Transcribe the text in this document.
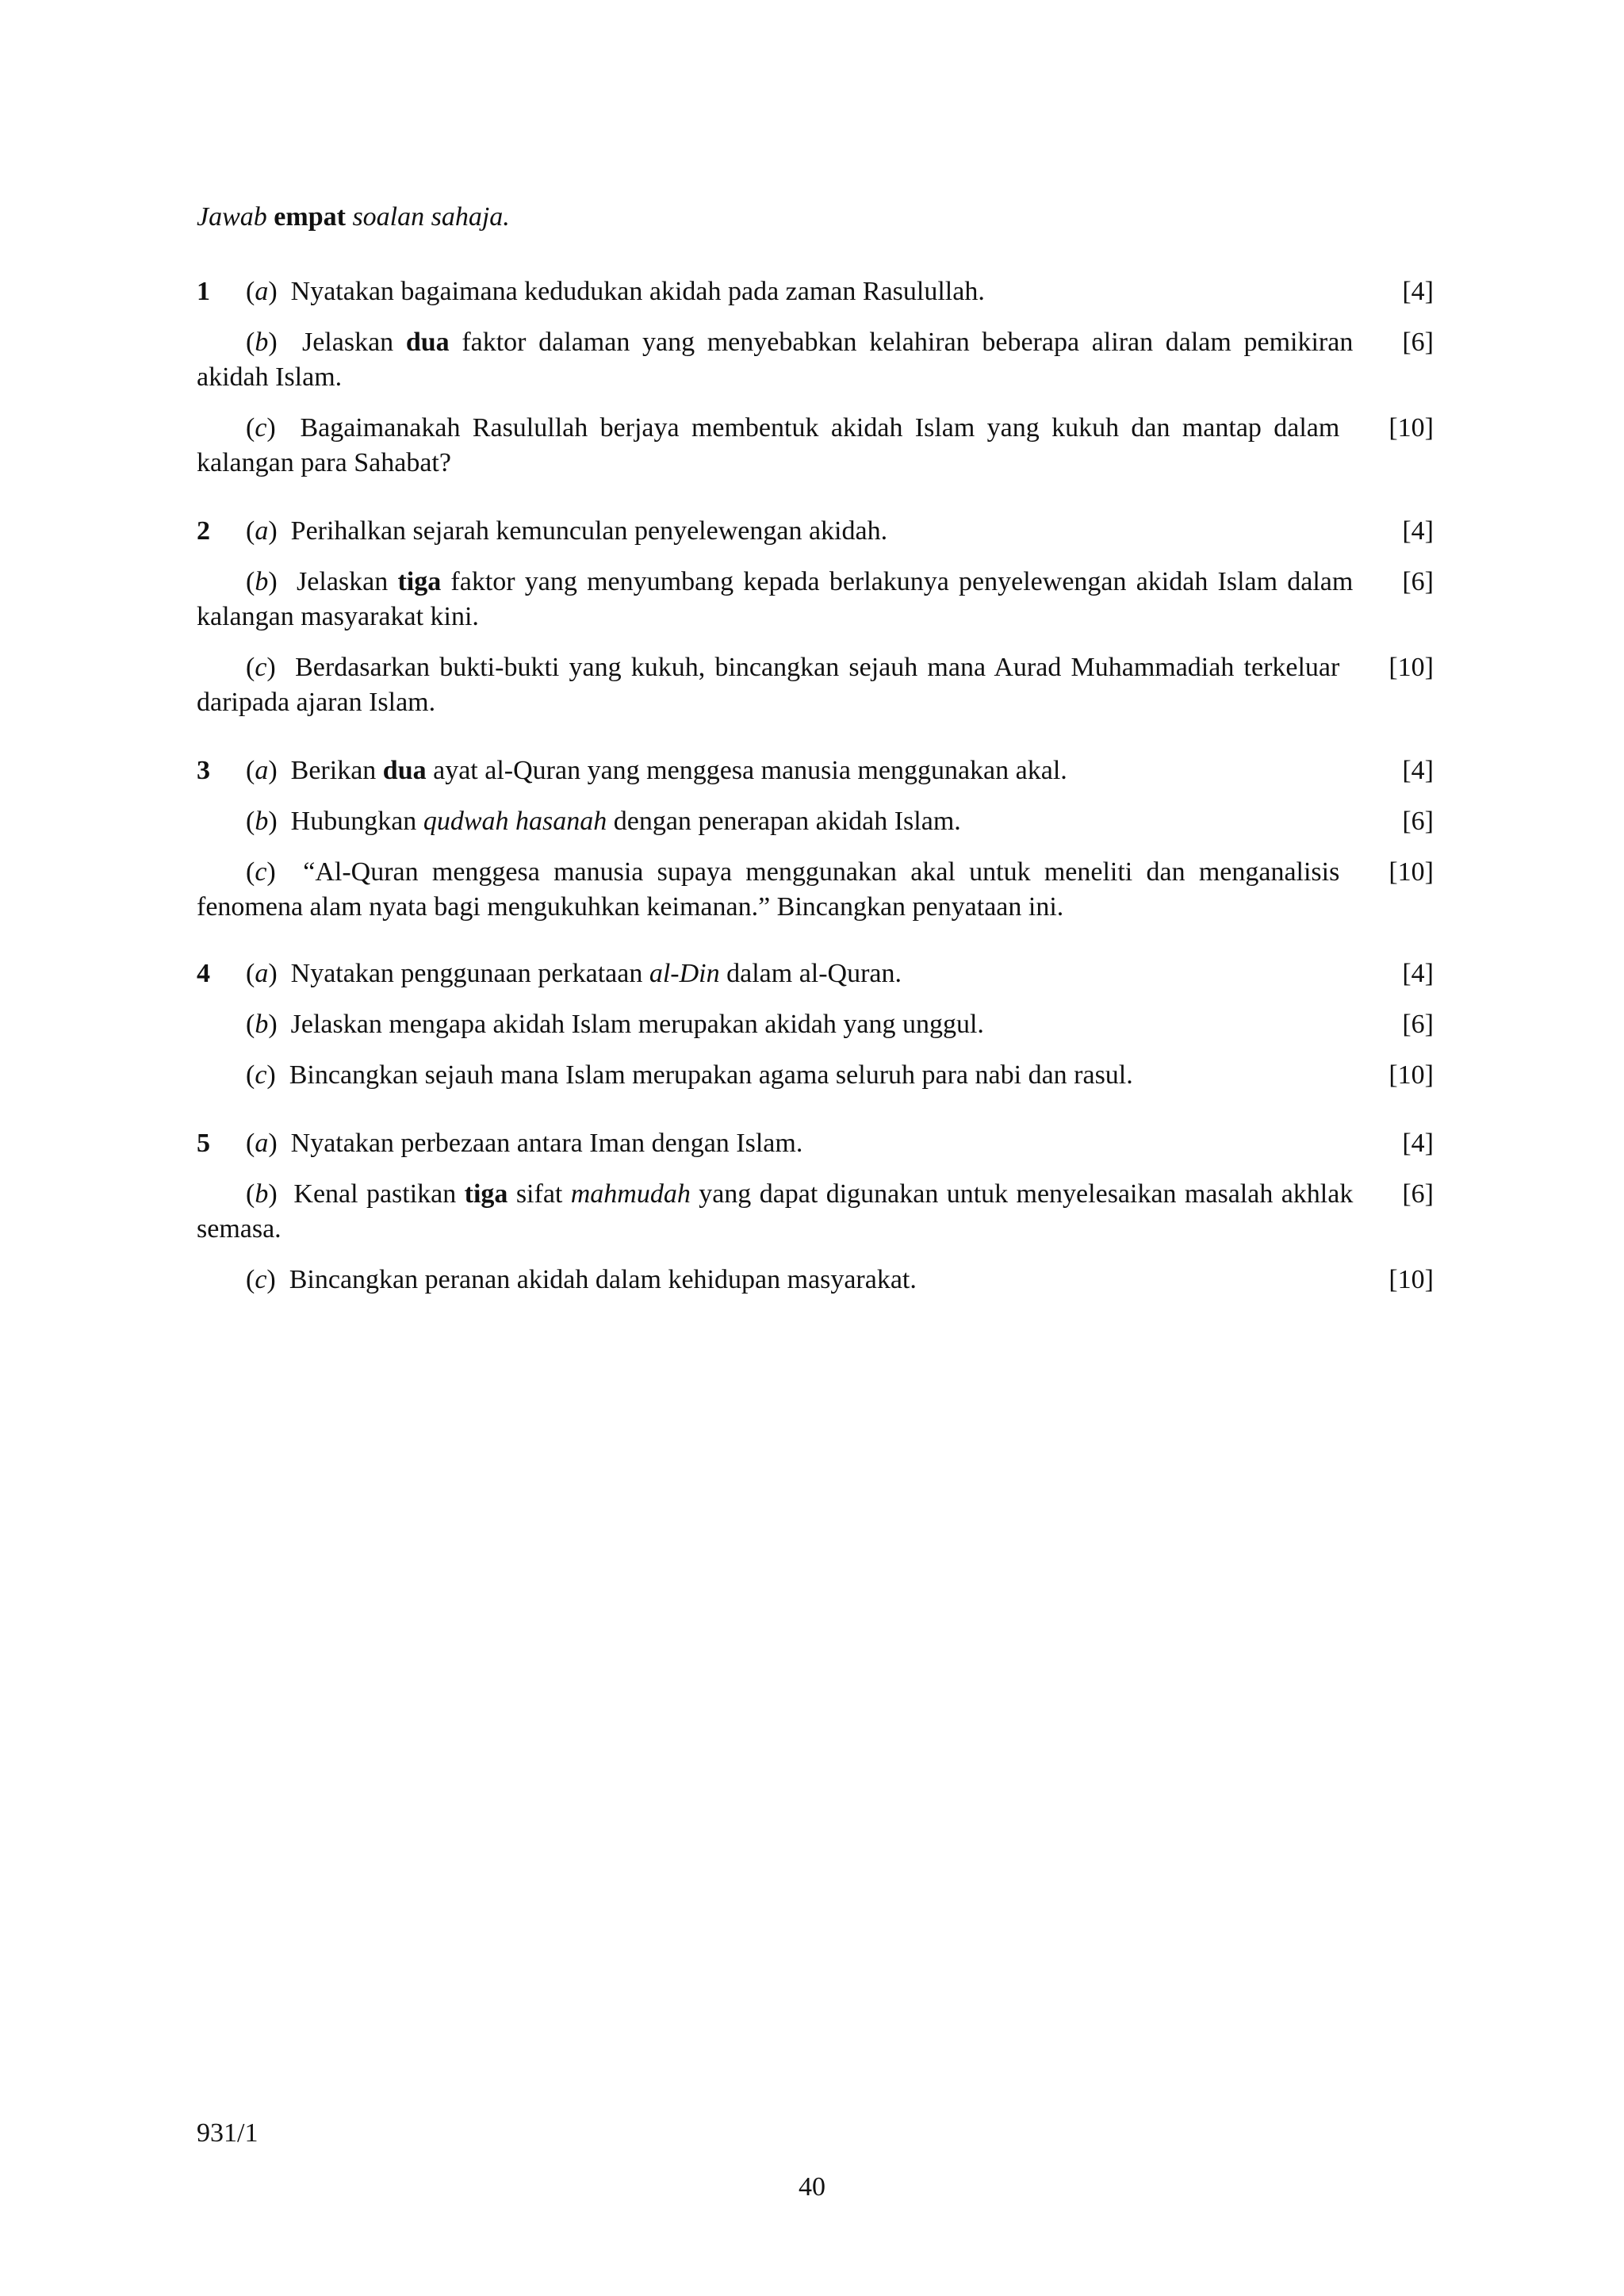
Jawab empat soalan sahaja.

1	[4]
(a)  Nyatakan bagaimana kedudukan akidah pada zaman Rasulullah.

[6]
(b)  Jelaskan dua faktor dalaman yang menyebabkan kelahiran beberapa aliran dalam pemikiran akidah Islam.

[10]
(c)  Bagaimanakah Rasulullah berjaya membentuk akidah Islam yang kukuh dan mantap dalam kalangan para Sahabat?

2	[4]
(a)  Perihalkan sejarah kemunculan penyelewengan akidah.

[6]
(b)  Jelaskan tiga faktor yang menyumbang kepada berlakunya penyelewengan akidah Islam dalam kalangan masyarakat kini.

[10]
(c)  Berdasarkan bukti-bukti yang kukuh, bincangkan sejauh mana Aurad Muhammadiah terkeluar daripada ajaran Islam.

3	[4]
(a)  Berikan dua ayat al-Quran yang menggesa manusia menggunakan akal.

[6]
(b)  Hubungkan qudwah hasanah dengan penerapan akidah Islam.

[10]
(c)  “Al-Quran menggesa manusia supaya menggunakan akal untuk meneliti dan menganalisis fenomena alam nyata bagi mengukuhkan keimanan.” Bincangkan penyataan ini.

4	[4]
(a)  Nyatakan penggunaan perkataan al-Din dalam al-Quran.

[6]
(b)  Jelaskan mengapa akidah Islam merupakan akidah yang unggul.

[10]
(c)  Bincangkan sejauh mana Islam merupakan agama seluruh para nabi dan rasul.

5	[4]
(a)  Nyatakan perbezaan antara Iman dengan Islam.

[6]
(b)  Kenal pastikan tiga sifat mahmudah yang dapat digunakan untuk menyelesaikan masalah akhlak semasa.

[10]
(c)  Bincangkan peranan akidah dalam kehidupan masyarakat.

931/1
40
